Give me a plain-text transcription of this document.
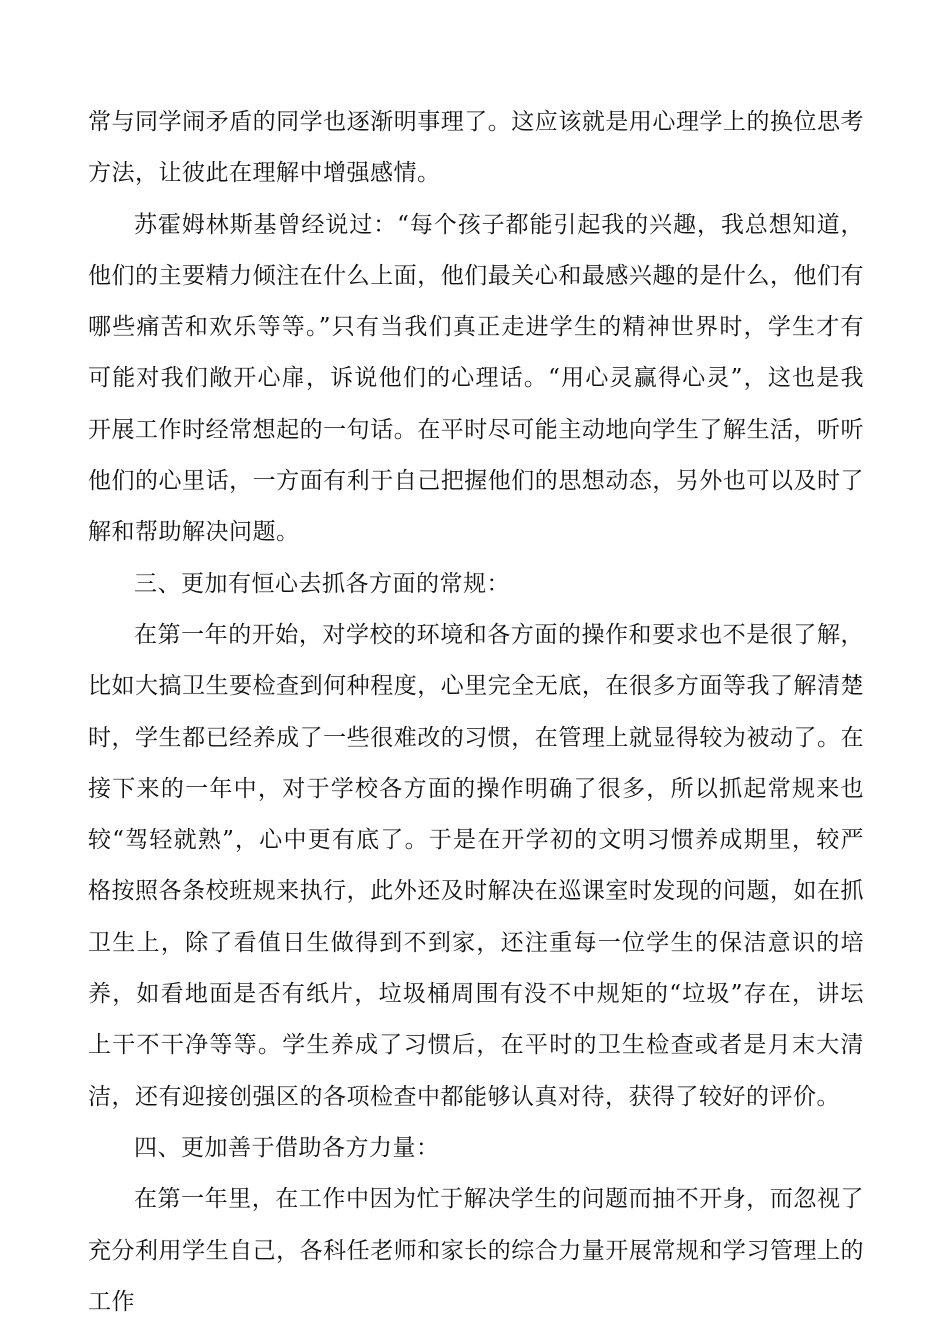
常与同学闹矛盾的同学也逐渐明事理了。这应该就是用心理学上的换位思考方法，让彼此在理解中增强感情。

苏霍姆林斯基曾经说过：“每个孩子都能引起我的兴趣，我总想知道，他们的主要精力倾注在什么上面，他们最关心和最感兴趣的是什么，他们有哪些痛苦和欢乐等等。”只有当我们真正走进学生的精神世界时，学生才有可能对我们敞开心扉，诉说他们的心理话。“用心灵赢得心灵”，这也是我开展工作时经常想起的一句话。在平时尽可能主动地向学生了解生活，听听他们的心里话，一方面有利于自己把握他们的思想动态，另外也可以及时了解和帮助解决问题。

三、更加有恒心去抓各方面的常规：

在第一年的开始，对学校的环境和各方面的操作和要求也不是很了解，比如大搞卫生要检查到何种程度，心里完全无底，在很多方面等我了解清楚时，学生都已经养成了一些很难改的习惯，在管理上就显得较为被动了。在接下来的一年中，对于学校各方面的操作明确了很多，所以抓起常规来也较“驾轻就熟”，心中更有底了。于是在开学初的文明习惯养成期里，较严格按照各条校班规来执行，此外还及时解决在巡课室时发现的问题，如在抓卫生上，除了看值日生做得到不到家，还注重每一位学生的保洁意识的培养，如看地面是否有纸片，垃圾桶周围有没不中规矩的“垃圾”存在，讲坛上干不干净等等。学生养成了习惯后，在平时的卫生检查或者是月末大清洁，还有迎接创强区的各项检查中都能够认真对待，获得了较好的评价。

四、更加善于借助各方力量：

在第一年里，在工作中因为忙于解决学生的问题而抽不开身，而忽视了充分利用学生自己，各科任老师和家长的综合力量开展常规和学习管理上的工作
